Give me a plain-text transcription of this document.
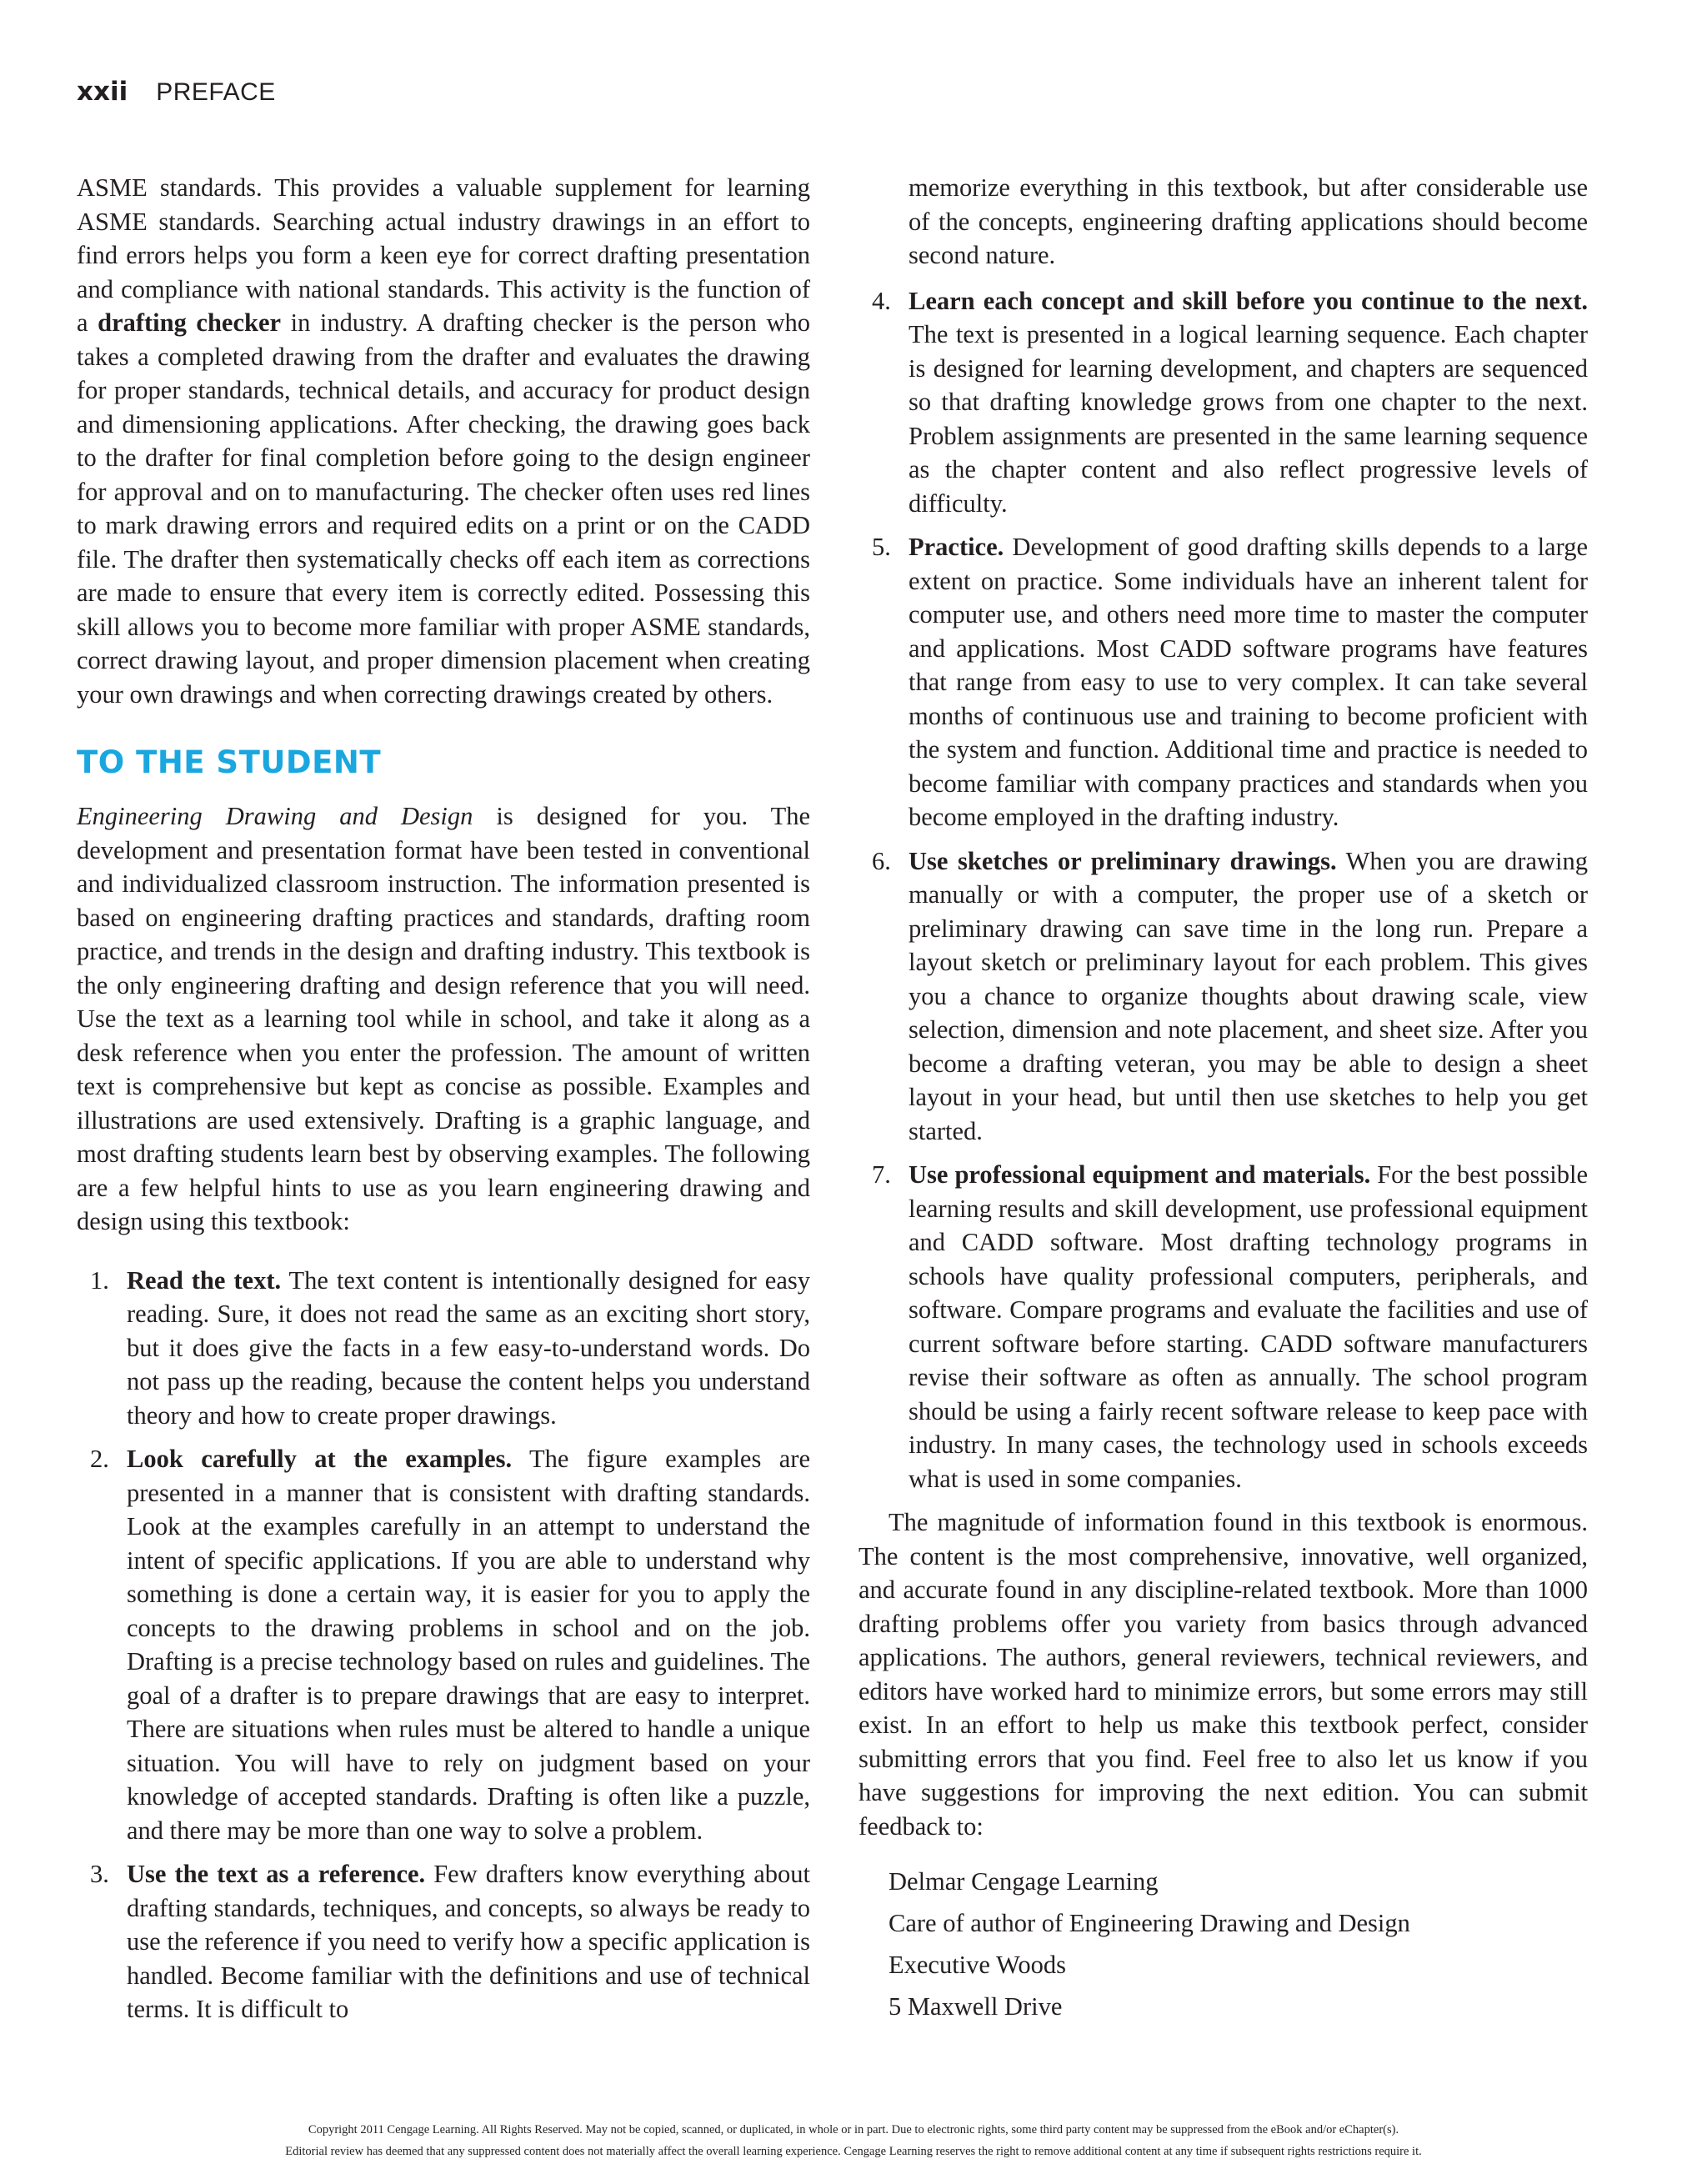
xxii PREFACE

ASME standards. This provides a valuable supplement for learning ASME standards. Searching actual industry drawings in an effort to find errors helps you form a keen eye for correct drafting presentation and compliance with national standards. This activity is the function of a drafting checker in industry. A drafting checker is the person who takes a completed drawing from the drafter and evaluates the drawing for proper standards, technical details, and accuracy for product design and dimensioning applications. After checking, the drawing goes back to the drafter for final completion before going to the design engineer for approval and on to manufacturing. The checker often uses red lines to mark drawing errors and required edits on a print or on the CADD file. The drafter then systematically checks off each item as corrections are made to ensure that every item is correctly edited. Possessing this skill allows you to become more familiar with proper ASME standards, correct drawing layout, and proper dimension placement when creating your own drawings and when correcting drawings created by others.

TO THE STUDENT

Engineering Drawing and Design is designed for you. The development and presentation format have been tested in conventional and individualized classroom instruction. The information presented is based on engineering drafting practices and standards, drafting room practice, and trends in the design and drafting industry. This textbook is the only engineering drafting and design reference that you will need. Use the text as a learning tool while in school, and take it along as a desk reference when you enter the profession. The amount of written text is comprehensive but kept as concise as possible. Examples and illustrations are used extensively. Drafting is a graphic language, and most drafting students learn best by observing examples. The following are a few helpful hints to use as you learn engineering drawing and design using this textbook:

1. Read the text. The text content is intentionally designed for easy reading. Sure, it does not read the same as an exciting short story, but it does give the facts in a few easy-to-understand words. Do not pass up the reading, because the content helps you understand theory and how to create proper drawings.

2. Look carefully at the examples. The figure examples are presented in a manner that is consistent with drafting standards. Look at the examples carefully in an attempt to understand the intent of specific applications. If you are able to understand why something is done a certain way, it is easier for you to apply the concepts to the drawing problems in school and on the job. Drafting is a precise technology based on rules and guidelines. The goal of a drafter is to prepare drawings that are easy to interpret. There are situations when rules must be altered to handle a unique situation. You will have to rely on judgment based on your knowledge of accepted standards. Drafting is often like a puzzle, and there may be more than one way to solve a problem.

3. Use the text as a reference. Few drafters know everything about drafting standards, techniques, and concepts, so always be ready to use the reference if you need to verify how a specific application is handled. Become familiar with the definitions and use of technical terms. It is difficult to

memorize everything in this textbook, but after considerable use of the concepts, engineering drafting applications should become second nature.

4. Learn each concept and skill before you continue to the next. The text is presented in a logical learning sequence. Each chapter is designed for learning development, and chapters are sequenced so that drafting knowledge grows from one chapter to the next. Problem assignments are presented in the same learning sequence as the chapter content and also reflect progressive levels of difficulty.

5. Practice. Development of good drafting skills depends to a large extent on practice. Some individuals have an inherent talent for computer use, and others need more time to master the computer and applications. Most CADD software programs have features that range from easy to use to very complex. It can take several months of continuous use and training to become proficient with the system and function. Additional time and practice is needed to become familiar with company practices and standards when you become employed in the drafting industry.

6. Use sketches or preliminary drawings. When you are drawing manually or with a computer, the proper use of a sketch or preliminary drawing can save time in the long run. Prepare a layout sketch or preliminary layout for each problem. This gives you a chance to organize thoughts about drawing scale, view selection, dimension and note placement, and sheet size. After you become a drafting veteran, you may be able to design a sheet layout in your head, but until then use sketches to help you get started.

7. Use professional equipment and materials. For the best possible learning results and skill development, use professional equipment and CADD software. Most drafting technology programs in schools have quality professional computers, peripherals, and software. Compare programs and evaluate the facilities and use of current software before starting. CADD software manufacturers revise their software as often as annually. The school program should be using a fairly recent software release to keep pace with industry. In many cases, the technology used in schools exceeds what is used in some companies.

The magnitude of information found in this textbook is enormous. The content is the most comprehensive, innovative, well organized, and accurate found in any discipline-related textbook. More than 1000 drafting problems offer you variety from basics through advanced applications. The authors, general reviewers, technical reviewers, and editors have worked hard to minimize errors, but some errors may still exist. In an effort to help us make this textbook perfect, consider submitting errors that you find. Feel free to also let us know if you have suggestions for improving the next edition. You can submit feedback to:

Delmar Cengage Learning
Care of author of Engineering Drawing and Design
Executive Woods
5 Maxwell Drive
Copyright 2011 Cengage Learning. All Rights Reserved. May not be copied, scanned, or duplicated, in whole or in part. Due to electronic rights, some third party content may be suppressed from the eBook and/or eChapter(s).
Editorial review has deemed that any suppressed content does not materially affect the overall learning experience. Cengage Learning reserves the right to remove additional content at any time if subsequent rights restrictions require it.
